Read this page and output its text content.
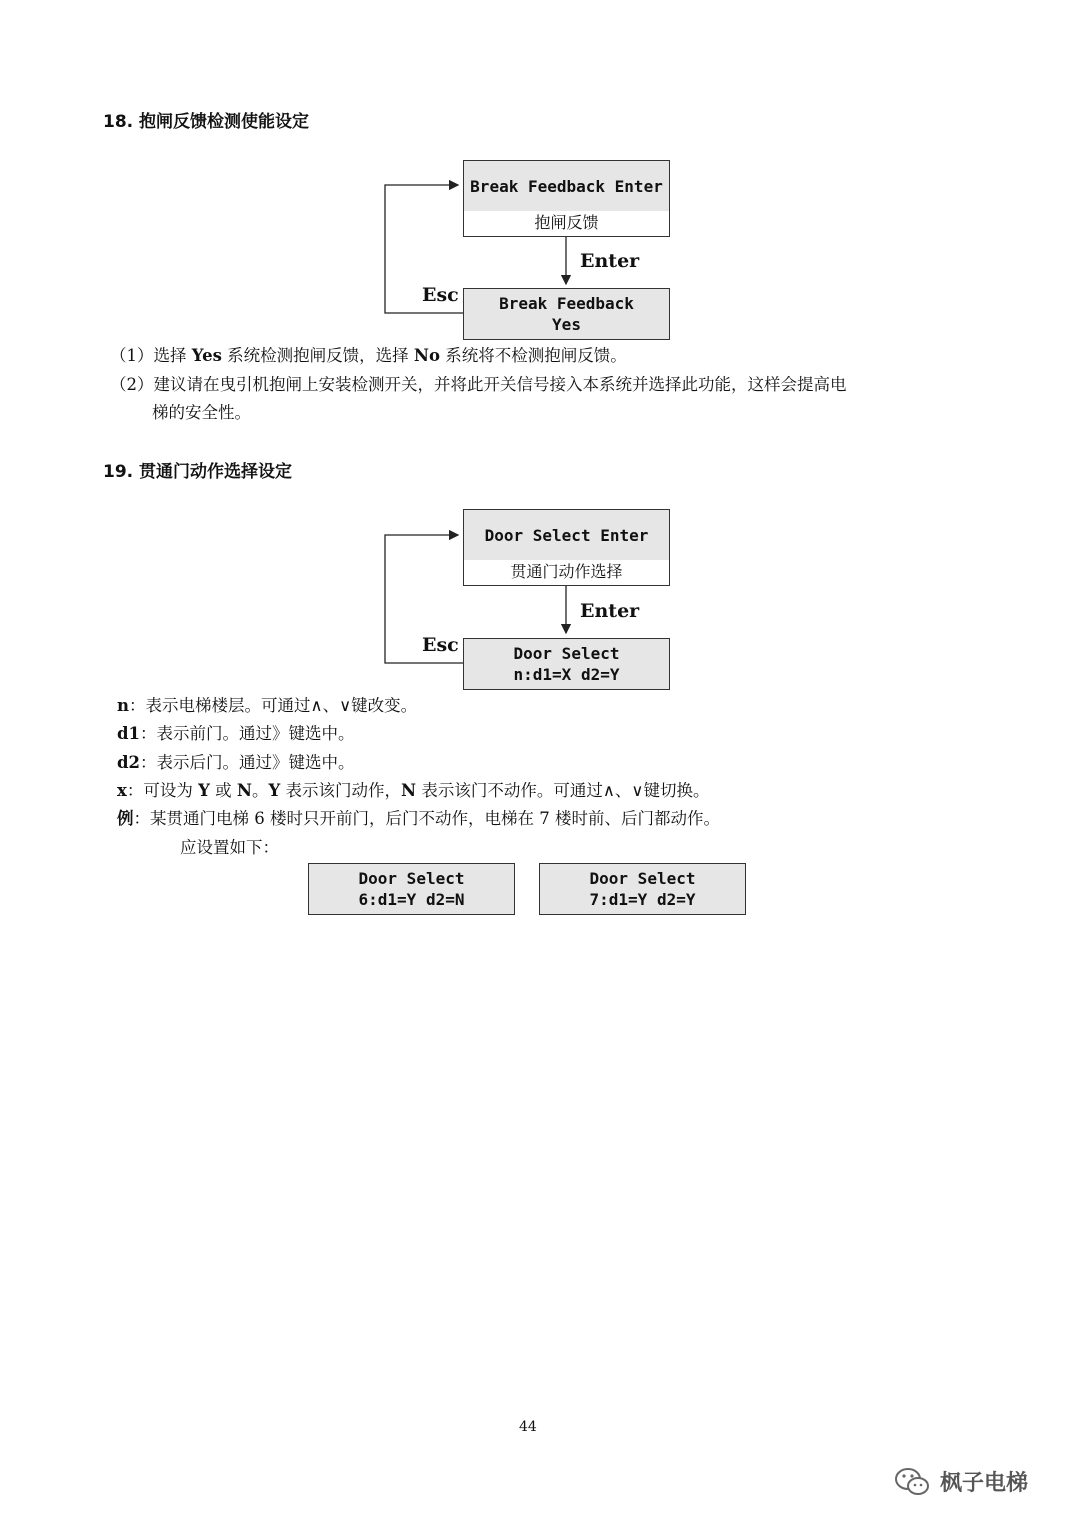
18. 抱闸反馈检测使能设定
Break Feedback Enter
抱闸反馈
Enter
Esc	Break Feedback
Yes
（1）选择 Yes 系统检测抱闸反馈，选择 No 系统将不检测抱闸反馈。
（2）建议请在曳引机抱闸上安装检测开关，并将此开关信号接入本系统并选择此功能，这样会提高电
梯的安全性。
19. 贯通门动作选择设定
Door Select Enter
贯通门动作选择
Enter
Esc	Door Select
n:d1=X d2=Y
n：表示电梯楼层。可通过∧、∨键改变。
d1：表示前门。通过》键选中。
d2：表示后门。通过》键选中。
x：可设为 Y 或 N。Y 表示该门动作，N 表示该门不动作。可通过∧、∨键切换。
例：某贯通门电梯 6 楼时只开前门，后门不动作，电梯在 7 楼时前、后门都动作。
应设置如下：
Door Select
6:d1=Y d2=N
Door Select
7:d1=Y d2=Y
44
枫子电梯
